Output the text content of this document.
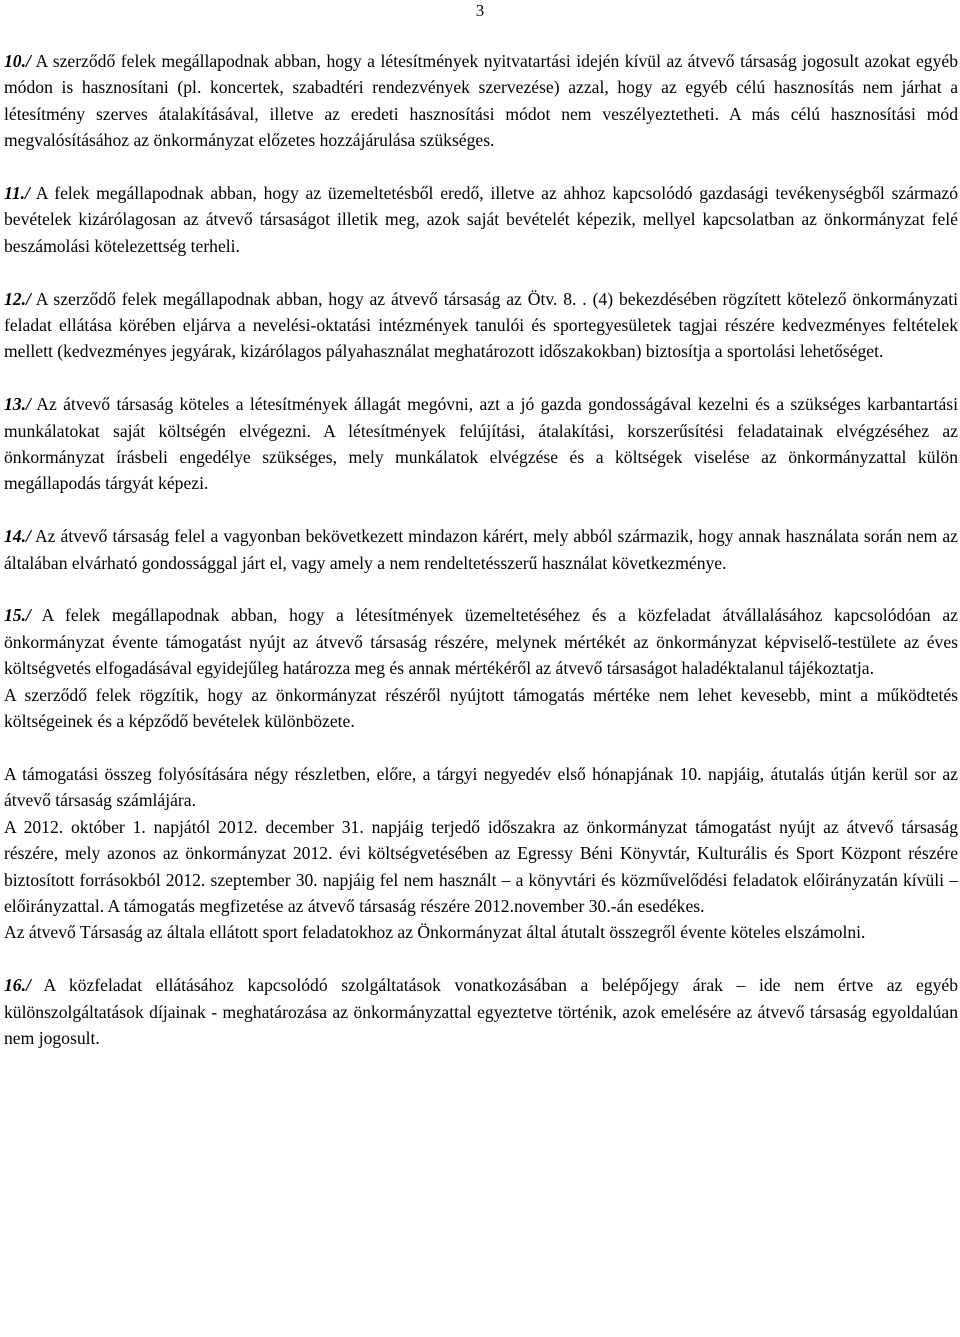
3

10./ A szerződő felek megállapodnak abban, hogy a létesítmények nyitvatartási idején kívül az átvevő társaság jogosult azokat egyéb módon is hasznosítani (pl. koncertek, szabadtéri rendezvények szervezése) azzal, hogy az egyéb célú hasznosítás nem járhat a létesítmény szerves átalakításával, illetve az eredeti hasznosítási módot nem veszélyeztetheti. A más célú hasznosítási mód megvalósításához az önkormányzat előzetes hozzájárulása szükséges.

11./ A felek megállapodnak abban, hogy az üzemeltetésből eredő, illetve az ahhoz kapcsolódó gazdasági tevékenységből származó bevételek kizárólagosan az átvevő társaságot illetik meg, azok saját bevételét képezik, mellyel kapcsolatban az önkormányzat felé beszámolási kötelezettség terheli.

12./ A szerződő felek megállapodnak abban, hogy az átvevő társaság az Ötv. 8. . (4) bekezdésében rögzített kötelező önkormányzati feladat ellátása körében eljárva a nevelési-oktatási intézmények tanulói és sportegyesületek tagjai részére kedvezményes feltételek mellett (kedvezményes jegyárak, kizárólagos pályahasználat meghatározott időszakokban) biztosítja a sportolási lehetőséget.

13./ Az átvevő társaság köteles a létesítmények állagát megóvni, azt a jó gazda gondosságával kezelni és a szükséges karbantartási munkálatokat saját költségén elvégezni. A létesítmények felújítási, átalakítási, korszerűsítési feladatainak elvégzéséhez az önkormányzat írásbeli engedélye szükséges, mely munkálatok elvégzése és a költségek viselése az önkormányzattal külön megállapodás tárgyát képezi.

14./ Az átvevő társaság felel a vagyonban bekövetkezett mindazon kárért, mely abból származik, hogy annak használata során nem az általában elvárható gondossággal járt el, vagy amely a nem rendeltetésszerű használat következménye.

15./ A felek megállapodnak abban, hogy a létesítmények üzemeltetéséhez és a közfeladat átvállalásához kapcsolódóan az önkormányzat évente támogatást nyújt az átvevő társaság részére, melynek mértékét az önkormányzat képviselő-testülete az éves költségvetés elfogadásával egyidejűleg határozza meg és annak mértékéről az átvevő társaságot haladéktalanul tájékoztatja.

A szerződő felek rögzítik, hogy az önkormányzat részéről nyújtott támogatás mértéke nem lehet kevesebb, mint a működtetés költségeinek és a képződő bevételek különbözete.

A támogatási összeg folyósítására négy részletben, előre, a tárgyi negyedév első hónapjának 10. napjáig, átutalás útján kerül sor az átvevő társaság számlájára.

A 2012. október 1. napjától 2012. december 31. napjáig terjedő időszakra az önkormányzat támogatást nyújt az átvevő társaság részére, mely azonos az önkormányzat 2012. évi költségvetésében az Egressy Béni Könyvtár, Kulturális és Sport Központ részére biztosított forrásokból 2012. szeptember 30. napjáig fel nem használt – a könyvtári és közművelődési feladatok előirányzatán kívüli – előirányzattal. A támogatás megfizetése az átvevő társaság részére 2012.november 30.-án esedékes.

Az átvevő Társaság az általa ellátott sport feladatokhoz az Önkormányzat által átutalt összegről évente köteles elszámolni.

16./ A közfeladat ellátásához kapcsolódó szolgáltatások vonatkozásában a belépőjegy árak – ide nem értve az egyéb különszolgáltatások díjainak - meghatározása az önkormányzattal egyeztetve történik, azok emelésére az átvevő társaság egyoldalúan nem jogosult.
